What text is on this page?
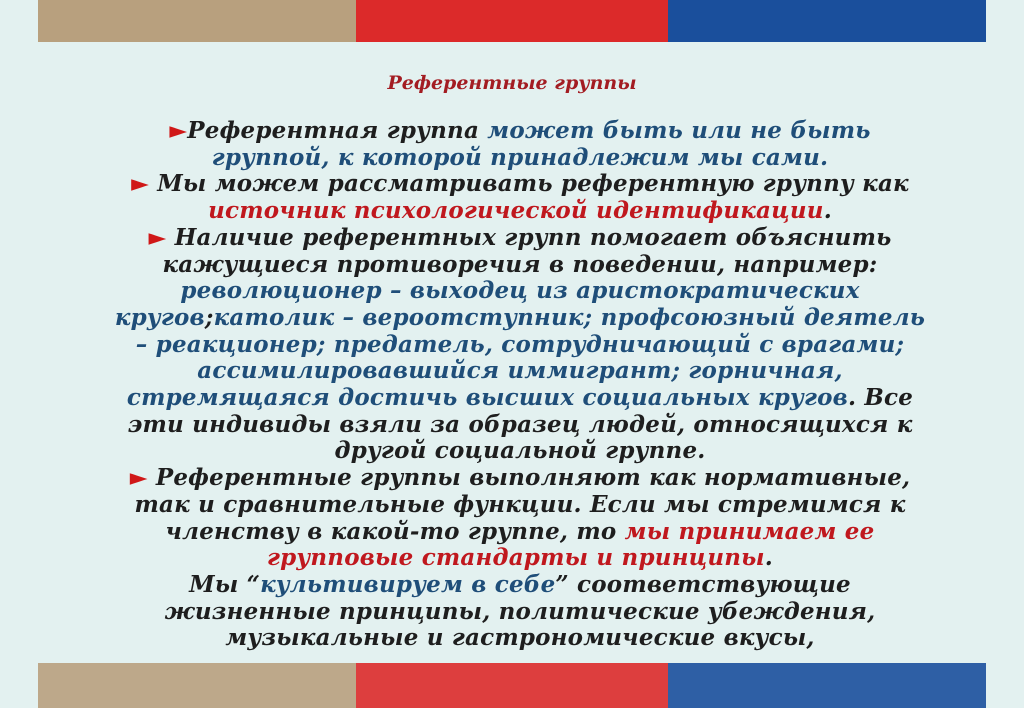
Референтные группы

►Референтная группа может быть или не быть группой, к которой принадлежим мы сами.

► Мы можем рассматривать референтную группу как источник психологической идентификации.

► Наличие референтных групп помогает объяснить кажущиеся противоречия в поведении, например: революционер – выходец из аристократических кругов;католик – вероотступник; профсоюзный деятель – реакционер; предатель, сотрудничающий с врагами; ассимилировавшийся иммигрант; горничная, стремящаяся достичь высших социальных кругов. Все эти индивиды взяли за образец людей, относящихся к другой социальной группе.

► Референтные группы выполняют как нормативные, так и сравнительные функции. Если мы стремимся к членству в какой-то группе, то мы принимаем ее групповые стандарты и принципы.

Мы “культивируем в себе” соответствующие жизненные принципы, политические убеждения, музыкальные и гастрономические вкусы,
